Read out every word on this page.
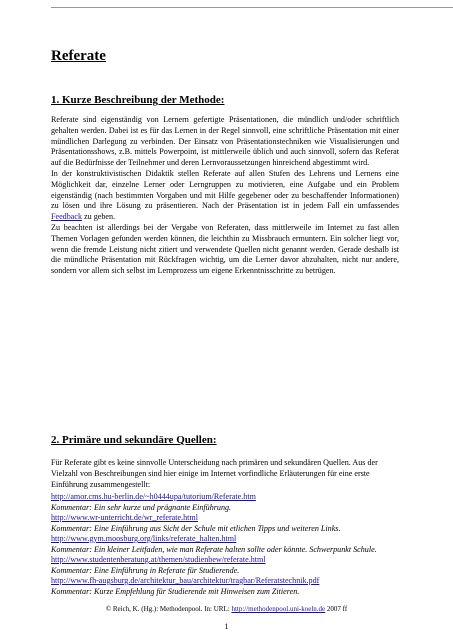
Referate
1. Kurze Beschreibung der Methode:

Referate sind eigenständig von Lernern gefertigte Präsentationen, die mündlich und/oder schriftlich gehalten werden. Dabei ist es für das Lernen in der Regel sinnvoll, eine schriftliche Präsentation mit einer mündlichen Darlegung zu verbinden. Der Einsatz von Präsentationstechniken wie Visualisierungen und Präsentationsshows, z.B. mittels Powerpoint, ist mittlerweile üblich und auch sinnvoll, sofern das Referat auf die Bedürfnisse der Teilnehmer und deren Lernvoraussetzungen hinreichend abgestimmt wird.

In der konstruktivistischen Didaktik stellen Referate auf allen Stufen des Lehrens und Lernens eine Möglichkeit dar, einzelne Lerner oder Lerngruppen zu motivieren, eine Aufgabe und ein Problem eigenständig (nach bestimmten Vorgaben und mit Hilfe gegebener oder zu beschaffender Informationen) zu lösen und ihre Lösung zu präsentieren. Nach der Präsentation ist in jedem Fall ein umfassendes Feedback zu geben.

Zu beachten ist allerdings bei der Vergabe von Referaten, dass mittlerweile im Internet zu fast allen Themen Vorlagen gefunden werden können, die leichthin zu Missbrauch ermuntern. Ein solcher liegt vor, wenn die fremde Leistung nicht zitiert und verwendete Quellen nicht genannt werden. Gerade deshalb ist die mündliche Präsentation mit Rückfragen wichtig, um die Lerner davor abzuhalten, nicht nur andere, sondern vor allem sich selbst im Lernprozess um eigene Erkenntnisschritte zu betrügen.

2. Primäre und sekundäre Quellen:

Für Referate gibt es keine sinnvolle Unterscheidung nach primären und sekundären Quellen. Aus der Vielzahl von Beschreibungen sind hier einige im Internet vorfindliche Erläuterungen für eine erste Einführung zusammengestellt:

http://amor.cms.hu-berlin.de/~h0444upa/tutorium/Referate.htm
Kommentar: Ein sehr kurze und prägnante Einführung.
http://www.wr-unterricht.de/wr_referate.html
Kommentar: Eine Einführung aus Sicht der Schule mit etlichen Tipps und weiteren Links.
© Reich, K. (Hg.): Methodenpool. In: URL: http://methodenpool.uni-koeln.de 2007 ff
1
http://www.gym.moosburg.org/links/referate_halten.html
Kommentar: Ein kleiner Leitfaden, wie man Referate halten sollte oder könnte. Schwerpunkt Schule.
http://www.studentenberatung.at/themen/studienbew/referate.html
Kommentar: Eine Einführung in Referate für Studierende.
http://www.fh-augsburg.de/architektur_bau/architektur/tragbar/Referatstechnik.pdf
Kommentar: Kurze Empfehlung für Studierende mit Hinweisen zum Zitieren.
